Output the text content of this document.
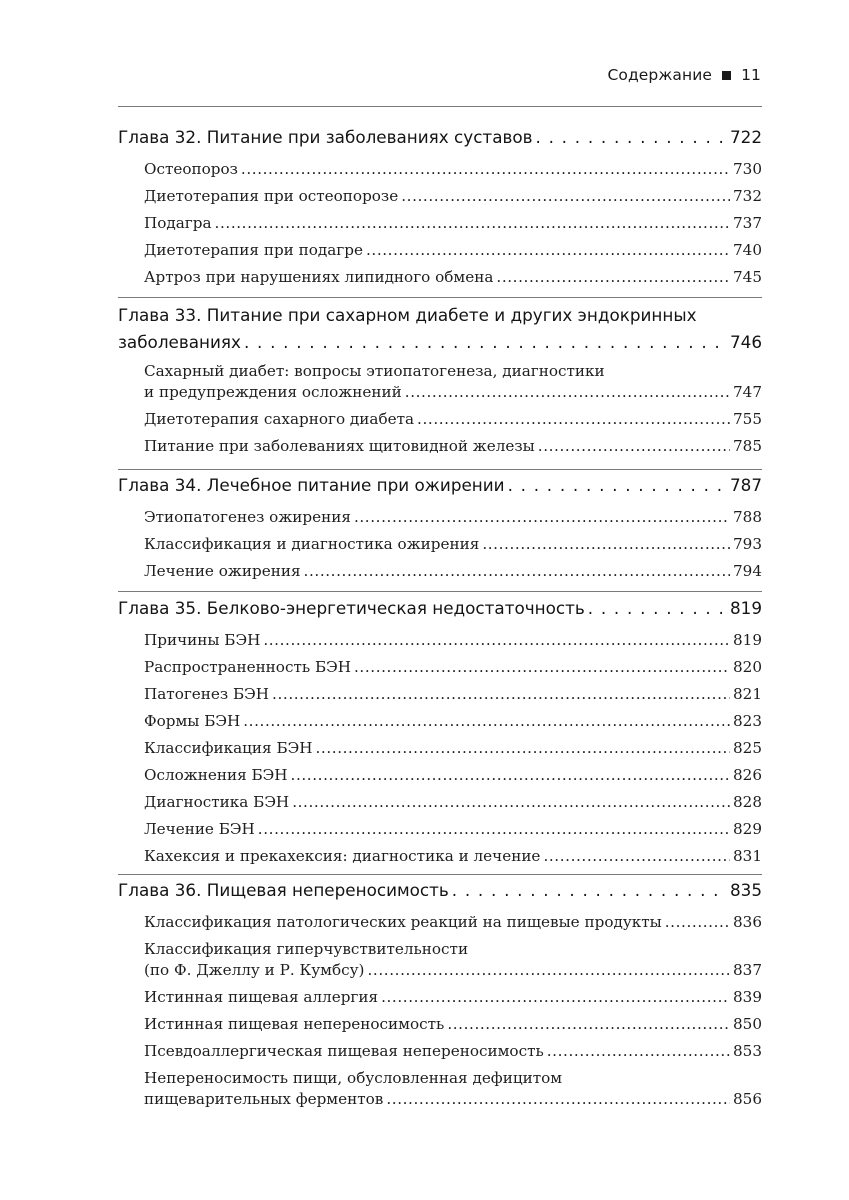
Содержание 11
Глава 32. Питание при заболеваниях суставов . . .	722
Остеопороз .....	730
Диетотерапия при остеопорозе .....	732
Подагра .....	737
Диетотерапия при подагре .....	740
Артроз при нарушениях липидного обмена .....	745
Глава 33. Питание при сахарном диабете и других эндокринных
заболеваниях . . .	746
Сахарный диабет: вопросы этиопатогенеза, диагностики
и предупреждения осложнений .....	747
Диетотерапия сахарного диабета .....	755
Питание при заболеваниях щитовидной железы .....	785
Глава 34. Лечебное питание при ожирении . . .	787
Этиопатогенез ожирения .....	788
Классификация и диагностика ожирения .....	793
Лечение ожирения .....	794
Глава 35. Белково-энергетическая недостаточность . . .	819
Причины БЭН .....	819
Распространенность БЭН .....	820
Патогенез БЭН .....	821
Формы БЭН .....	823
Классификация БЭН .....	825
Осложнения БЭН .....	826
Диагностика БЭН .....	828
Лечение БЭН .....	829
Кахексия и прекахексия: диагностика и лечение .....	831
Глава 36. Пищевая непереносимость . . .	835
Классификация патологических реакций на пищевые продукты .....	836
Классификация гиперчувствительности
(по Ф. Джеллу и Р. Кумбсу) .....	837
Истинная пищевая аллергия .....	839
Истинная пищевая непереносимость .....	850
Псевдоаллергическая пищевая непереносимость .....	853
Непереносимость пищи, обусловленная дефицитом
пищеварительных ферментов .....	856
